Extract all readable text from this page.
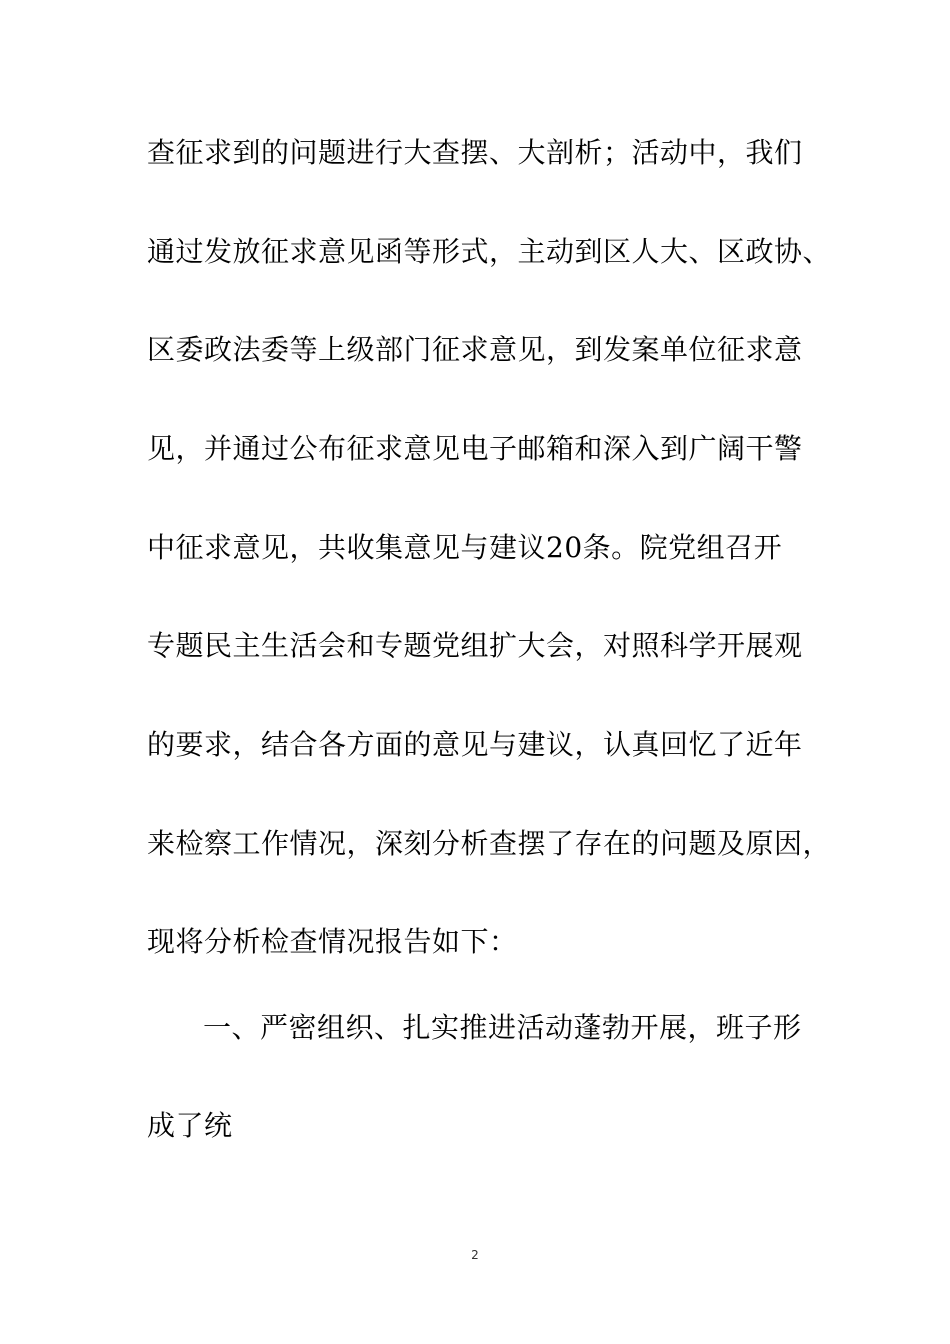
查征求到的问题进行大查摆、大剖析；活动中，我们
通过发放征求意见函等形式，主动到区人大、区政协、
区委政法委等上级部门征求意见，到发案单位征求意
见，并通过公布征求意见电子邮箱和深入到广阔干警
中征求意见，共收集意见与建议20条。院党组召开
专题民主生活会和专题党组扩大会，对照科学开展观
的要求，结合各方面的意见与建议，认真回忆了近年
来检察工作情况，深刻分析查摆了存在的问题及原因，
现将分析检查情况报告如下：
一、严密组织、扎实推进活动蓬勃开展，班子形
成了统
2
